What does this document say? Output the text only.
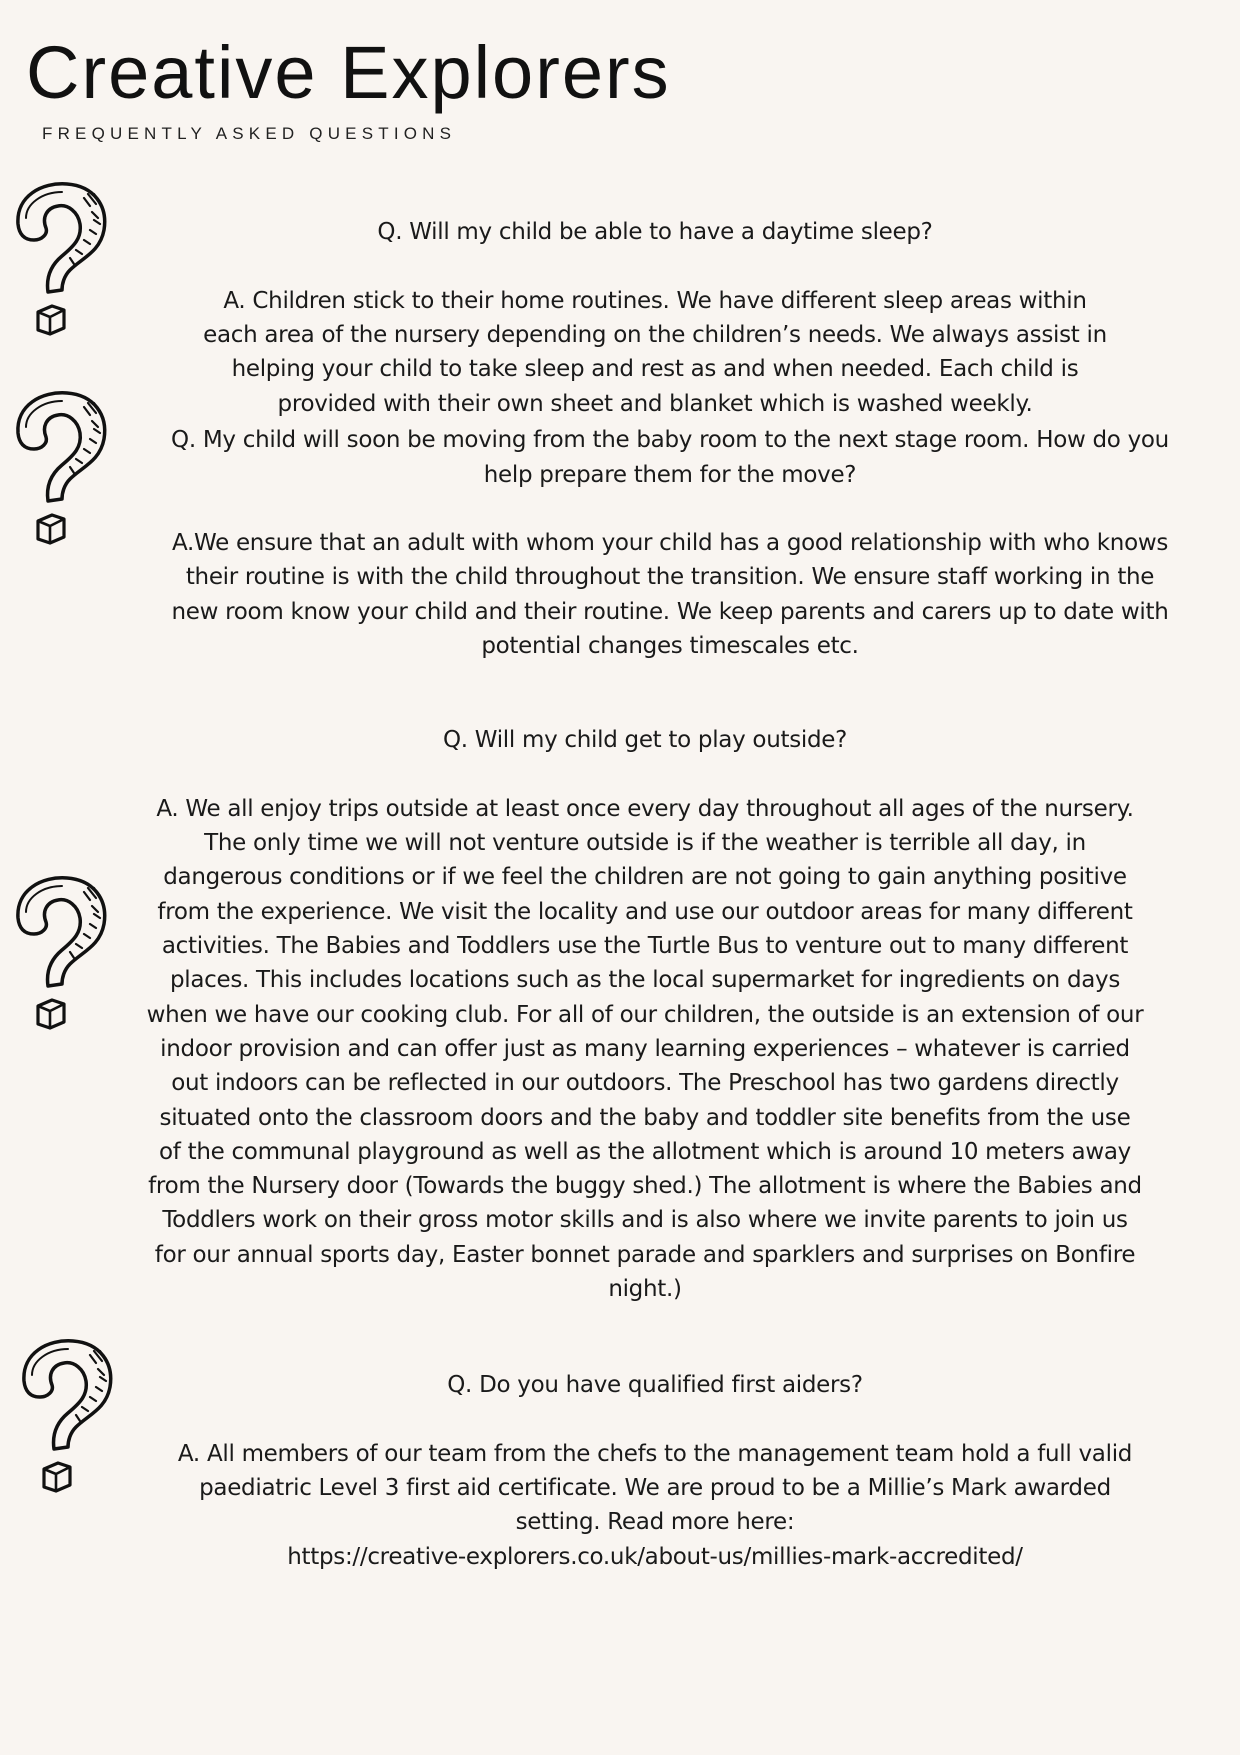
Creative Explorers
FREQUENTLY ASKED QUESTIONS

Q. Will my child be able to have a daytime sleep?

A. Children stick to their home routines. We have different sleep areas within
each area of the nursery depending on the children’s needs. We always assist in
helping your child to take sleep and rest as and when needed. Each child is
provided with their own sheet and blanket which is washed weekly.

Q. My child will soon be moving from the baby room to the next stage room. How do you
help prepare them for the move?

A.We ensure that an adult with whom your child has a good relationship with who knows
their routine is with the child throughout the transition. We ensure staff working in the
new room know your child and their routine. We keep parents and carers up to date with
potential changes timescales etc.

Q. Will my child get to play outside?

A. We all enjoy trips outside at least once every day throughout all ages of the nursery.
The only time we will not venture outside is if the weather is terrible all day, in
dangerous conditions or if we feel the children are not going to gain anything positive
from the experience. We visit the locality and use our outdoor areas for many different
activities. The Babies and Toddlers use the Turtle Bus to venture out to many different
places. This includes locations such as the local supermarket for ingredients on days
when we have our cooking club. For all of our children, the outside is an extension of our
indoor provision and can offer just as many learning experiences – whatever is carried
out indoors can be reflected in our outdoors. The Preschool has two gardens directly
situated onto the classroom doors and the baby and toddler site benefits from the use
of the communal playground as well as the allotment which is around 10 meters away
from the Nursery door (Towards the buggy shed.) The allotment is where the Babies and
Toddlers work on their gross motor skills and is also where we invite parents to join us
for our annual sports day, Easter bonnet parade and sparklers and surprises on Bonfire
night.)

Q. Do you have qualified first aiders?

A. All members of our team from the chefs to the management team hold a full valid
paediatric Level 3 first aid certificate. We are proud to be a Millie’s Mark awarded
setting. Read more here:
https://creative-explorers.co.uk/about-us/millies-mark-accredited/
